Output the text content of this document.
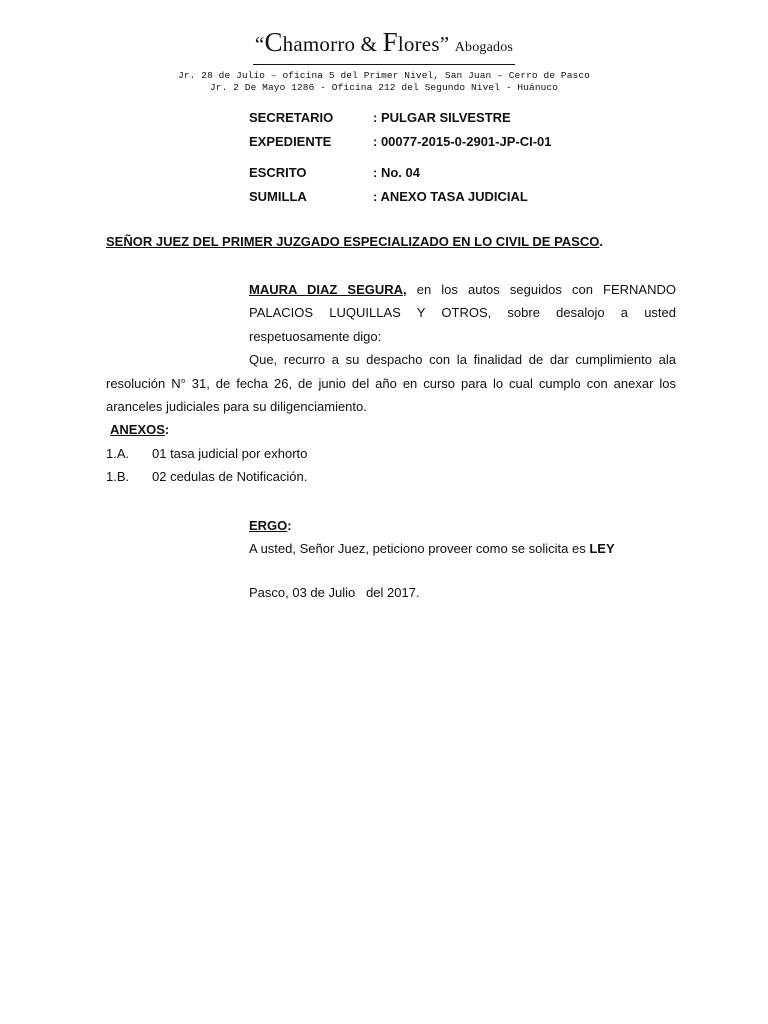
“Chamorro & Flores” Abogados
Jr. 28 de Julio – oficina 5 del Primer Nivel, San Juan – Cerro de Pasco
Jr. 2 De Mayo 1286 - Oficina 212 del Segundo Nivel - Huánuco
SECRETARIO	: PULGAR SILVESTRE
EXPEDIENTE	: 00077-2015-0-2901-JP-CI-01
ESCRITO	: No. 04
SUMILLA	: ANEXO TASA JUDICIAL
SEÑOR JUEZ DEL PRIMER JUZGADO ESPECIALIZADO EN LO CIVIL DE PASCO.
MAURA DIAZ SEGURA, en los autos seguidos con FERNANDO PALACIOS LUQUILLAS Y OTROS, sobre desalojo a usted respetuosamente digo:
Que, recurro a su despacho con la finalidad de dar cumplimiento ala resolución N° 31, de fecha 26, de junio del año en curso para lo cual cumplo con anexar los aranceles judiciales para su diligenciamiento.
ANEXOS:
1.A.	01 tasa judicial por exhorto
1.B.	02 cedulas de Notificación.
ERGO:
A usted, Señor Juez, peticiono proveer como se solicita es LEY
Pasco, 03 de Julio   del 2017.
